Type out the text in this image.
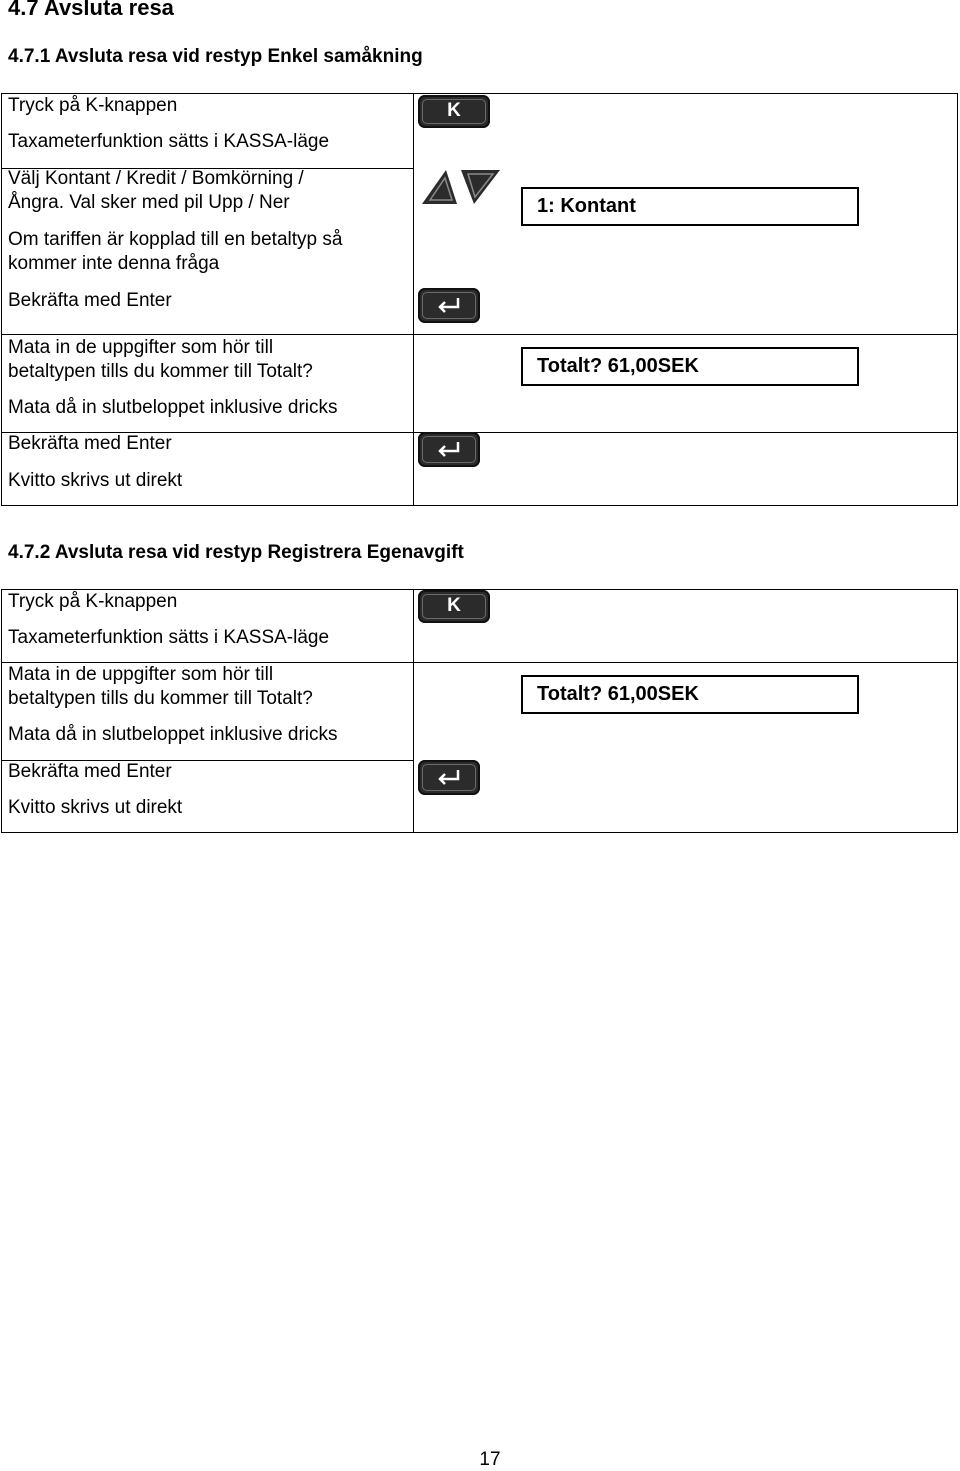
4.7 Avsluta resa
4.7.1 Avsluta resa vid restyp Enkel samåkning
Tryck på K-knappen
Taxameterfunktion sätts i KASSA-läge
Välj Kontant / Kredit / Bomkörning /
Ångra. Val sker med pil Upp / Ner
Om tariffen är kopplad till en betaltyp så
kommer inte denna fråga
Bekräfta med Enter
Mata in de uppgifter som hör till
betaltypen tills du kommer till Totalt?
Mata då in slutbeloppet inklusive dricks
Bekräfta med Enter
Kvitto skrivs ut direkt
K
1: Kontant
Totalt? 61,00SEK
4.7.2 Avsluta resa vid restyp Registrera Egenavgift
Tryck på K-knappen
Taxameterfunktion sätts i KASSA-läge
Mata in de uppgifter som hör till
betaltypen tills du kommer till Totalt?
Mata då in slutbeloppet inklusive dricks
Bekräfta med Enter
Kvitto skrivs ut direkt
K
Totalt? 61,00SEK
17
